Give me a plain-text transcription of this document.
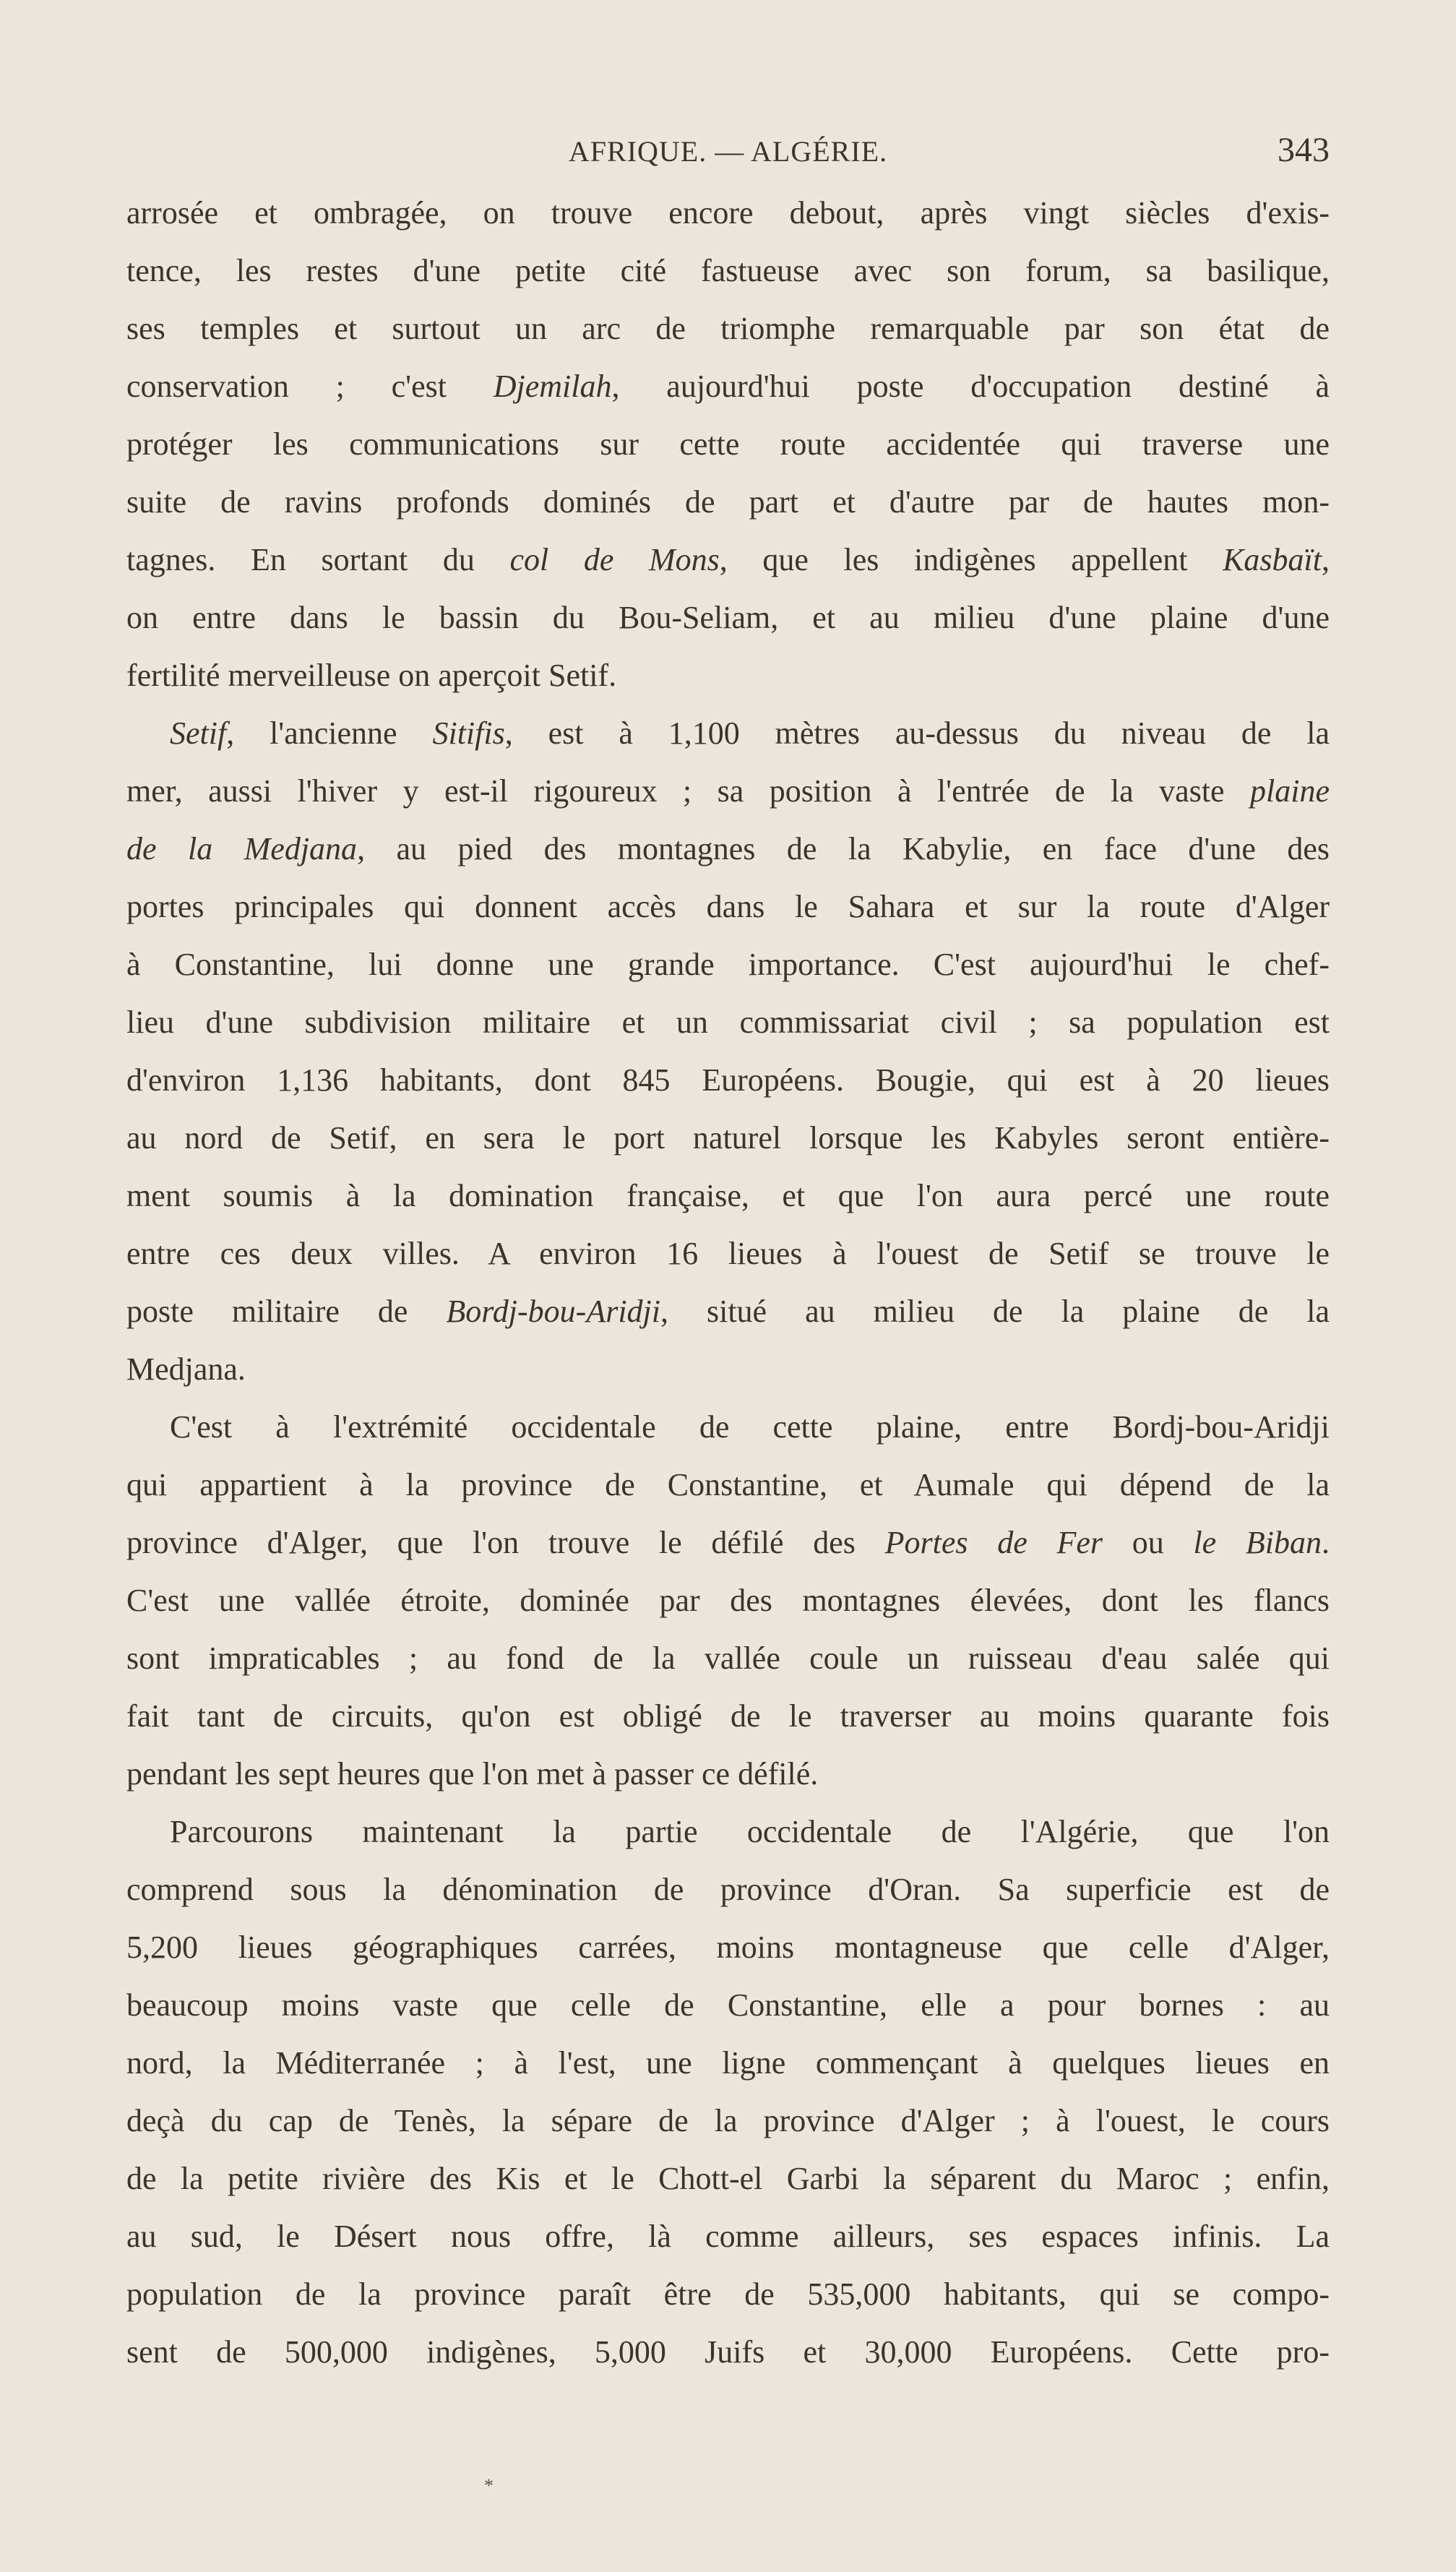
AFRIQUE. — ALGÉRIE.	343
arrosée et ombragée, on trouve encore debout, après vingt siècles d'exis-
tence, les restes d'une petite cité fastueuse avec son forum, sa basilique,
ses temples et surtout un arc de triomphe remarquable par son état de
conservation ; c'est Djemilah, aujourd'hui poste d'occupation destiné à
protéger les communications sur cette route accidentée qui traverse une
suite de ravins profonds dominés de part et d'autre par de hautes mon-
tagnes. En sortant du col de Mons, que les indigènes appellent Kasbaït,
on entre dans le bassin du Bou-Seliam, et au milieu d'une plaine d'une
fertilité merveilleuse on aperçoit Setif.
Setif, l'ancienne Sitifis, est à 1,100 mètres au-dessus du niveau de la
mer, aussi l'hiver y est-il rigoureux ; sa position à l'entrée de la vaste plaine
de la Medjana, au pied des montagnes de la Kabylie, en face d'une des
portes principales qui donnent accès dans le Sahara et sur la route d'Alger
à Constantine, lui donne une grande importance. C'est aujourd'hui le chef-
lieu d'une subdivision militaire et un commissariat civil ; sa population est
d'environ 1,136 habitants, dont 845 Européens. Bougie, qui est à 20 lieues
au nord de Setif, en sera le port naturel lorsque les Kabyles seront entière-
ment soumis à la domination française, et que l'on aura percé une route
entre ces deux villes. A environ 16 lieues à l'ouest de Setif se trouve le
poste militaire de Bordj-bou-Aridji, situé au milieu de la plaine de la
Medjana.
C'est à l'extrémité occidentale de cette plaine, entre Bordj-bou-Aridji
qui appartient à la province de Constantine, et Aumale qui dépend de la
province d'Alger, que l'on trouve le défilé des Portes de Fer ou le Biban.
C'est une vallée étroite, dominée par des montagnes élevées, dont les flancs
sont impraticables ; au fond de la vallée coule un ruisseau d'eau salée qui
fait tant de circuits, qu'on est obligé de le traverser au moins quarante fois
pendant les sept heures que l'on met à passer ce défilé.
Parcourons maintenant la partie occidentale de l'Algérie, que l'on
comprend sous la dénomination de province d'Oran. Sa superficie est de
5,200 lieues géographiques carrées, moins montagneuse que celle d'Alger,
beaucoup moins vaste que celle de Constantine, elle a pour bornes : au
nord, la Méditerranée ; à l'est, une ligne commençant à quelques lieues en
deçà du cap de Tenès, la sépare de la province d'Alger ; à l'ouest, le cours
de la petite rivière des Kis et le Chott-el Garbi la séparent du Maroc ; enfin,
au sud, le Désert nous offre, là comme ailleurs, ses espaces infinis. La
population de la province paraît être de 535,000 habitants, qui se compo-
sent de 500,000 indigènes, 5,000 Juifs et 30,000 Européens. Cette pro-
*
